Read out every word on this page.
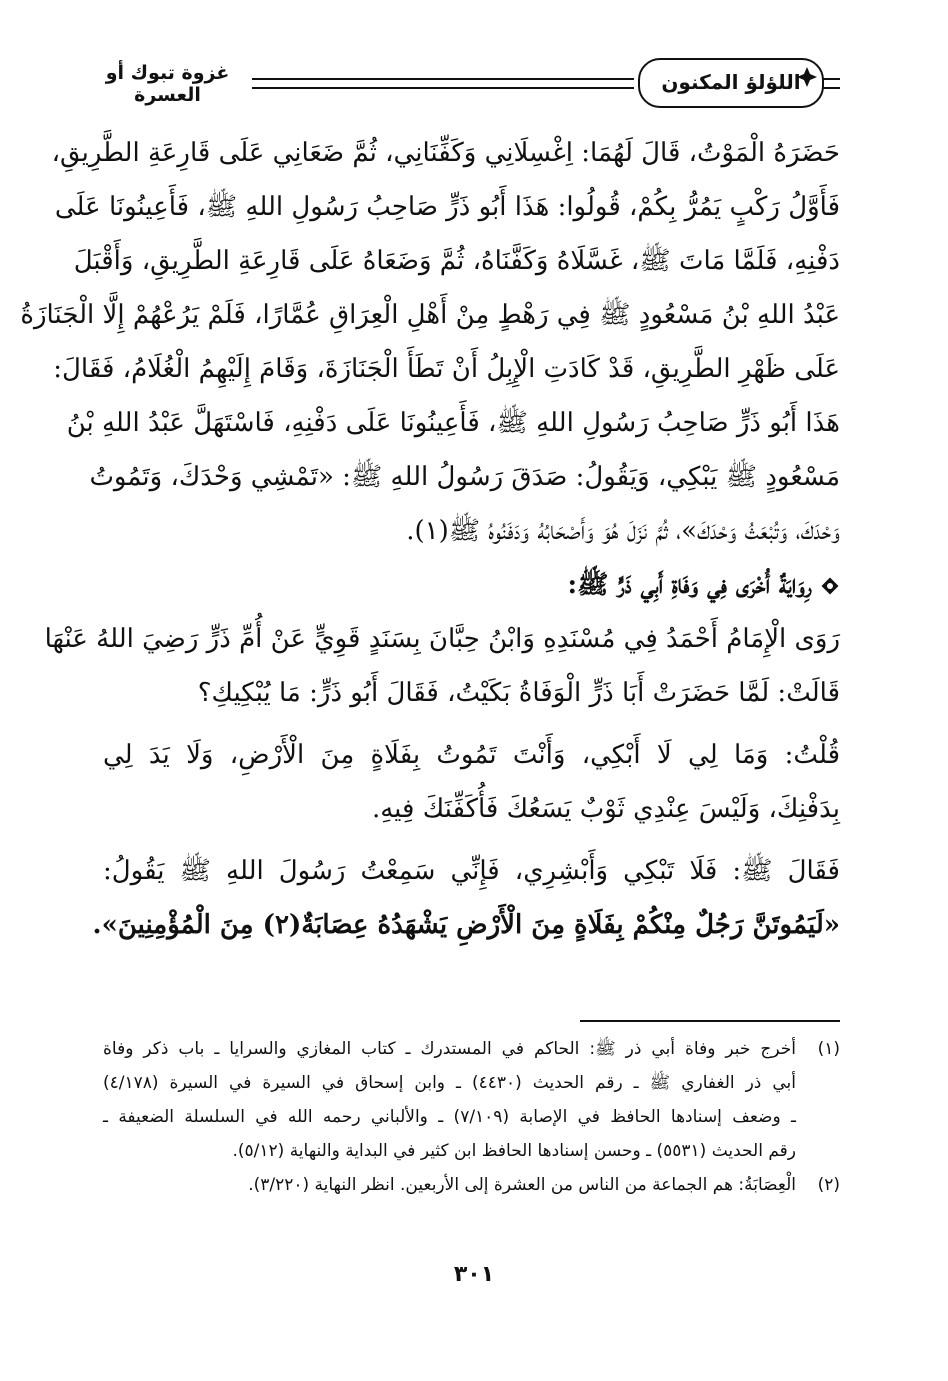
غزوة تبوك أو العسرة
اللؤلؤ المكنون
حَضَرَهُ الْمَوْتُ، قَالَ لَهُمَا: اِغْسِلَانِي وَكَفِّنَانِي، ثُمَّ ضَعَانِي عَلَى قَارِعَةِ الطَّرِيقِ،
فَأَوَّلُ رَكْبٍ يَمُرُّ بِكُمْ، قُولُوا: هَذَا أَبُو ذَرٍّ صَاحِبُ رَسُولِ اللهِ ﷺ، فَأَعِينُونَا عَلَى
دَفْنِهِ، فَلَمَّا مَاتَ ﷺ، غَسَّلَاهُ وَكَفَّنَاهُ، ثُمَّ وَضَعَاهُ عَلَى قَارِعَةِ الطَّرِيقِ، وَأَقْبَلَ
عَبْدُ اللهِ بْنُ مَسْعُودٍ ﷺ فِي رَهْطٍ مِنْ أَهْلِ الْعِرَاقِ عُمَّارًا، فَلَمْ يَرُعْهُمْ إِلَّا الْجَنَازَةُ
عَلَى ظَهْرِ الطَّرِيقِ، قَدْ كَادَتِ الْإِبِلُ أَنْ تَطَأَ الْجَنَازَةَ، وَقَامَ إِلَيْهِمُ الْغُلَامُ، فَقَالَ:
هَذَا أَبُو ذَرٍّ صَاحِبُ رَسُولِ اللهِ ﷺ، فَأَعِينُونَا عَلَى دَفْنِهِ، فَاسْتَهَلَّ عَبْدُ اللهِ بْنُ
مَسْعُودٍ ﷺ يَبْكِي، وَيَقُولُ: صَدَقَ رَسُولُ اللهِ ﷺ: «تَمْشِي وَحْدَكَ، وَتَمُوتُ
وَحْدَكَ، وَتُبْعَثُ وَحْدَكَ»، ثُمَّ نَزَلَ هُوَ وَأَصْحَابُهُ وَدَفَنُوهُ ﷺ(١).
رِوَايَةٌ أُخْرَى فِي وَفَاةِ أَبِي ذَرٍّ ﷺ:
رَوَى الْإِمَامُ أَحْمَدُ فِي مُسْنَدِهِ وَابْنُ حِبَّانَ بِسَنَدٍ قَوِيٍّ عَنْ أُمِّ ذَرٍّ رَضِيَ اللهُ عَنْهَا
قَالَتْ: لَمَّا حَضَرَتْ أَبَا ذَرٍّ الْوَفَاةُ بَكَيْتُ، فَقَالَ أَبُو ذَرٍّ: مَا يُبْكِيكِ؟
قُلْتُ: وَمَا لِي لَا أَبْكِي، وَأَنْتَ تَمُوتُ بِفَلَاةٍ مِنَ الْأَرْضِ، وَلَا يَدَ لِي
بِدَفْنِكَ، وَلَيْسَ عِنْدِي ثَوْبٌ يَسَعُكَ فَأُكَفِّنَكَ فِيهِ.
فَقَالَ ﷺ: فَلَا تَبْكِي وَأَبْشِرِي، فَإِنِّي سَمِعْتُ رَسُولَ اللهِ ﷺ يَقُولُ:
«لَيَمُوتَنَّ رَجُلٌ مِنْكُمْ بِفَلَاةٍ مِنَ الْأَرْضِ يَشْهَدُهُ عِصَابَةٌ(٢) مِنَ الْمُؤْمِنِينَ».
(١)أخرج خبر وفاة أبي ذر ﷺ: الحاكم في المستدرك ـ كتاب المغازي والسرايا ـ باب ذكر وفاة
أبي ذر الغفاري ﷺ ـ رقم الحديث (٤٤٣٠) ـ وابن إسحاق في السيرة في السيرة (٤/١٧٨)
ـ وضعف إسنادها الحافظ في الإصابة (٧/١٠٩) ـ والألباني رحمه الله في السلسلة الضعيفة ـ
رقم الحديث (٥٥٣١) ـ وحسن إسنادها الحافظ ابن كثير في البداية والنهاية (٥/١٢).
(٢)الْعِصَابَةُ: هم الجماعة من الناس من العشرة إلى الأربعين. انظر النهاية (٣/٢٢٠).
٣٠١
